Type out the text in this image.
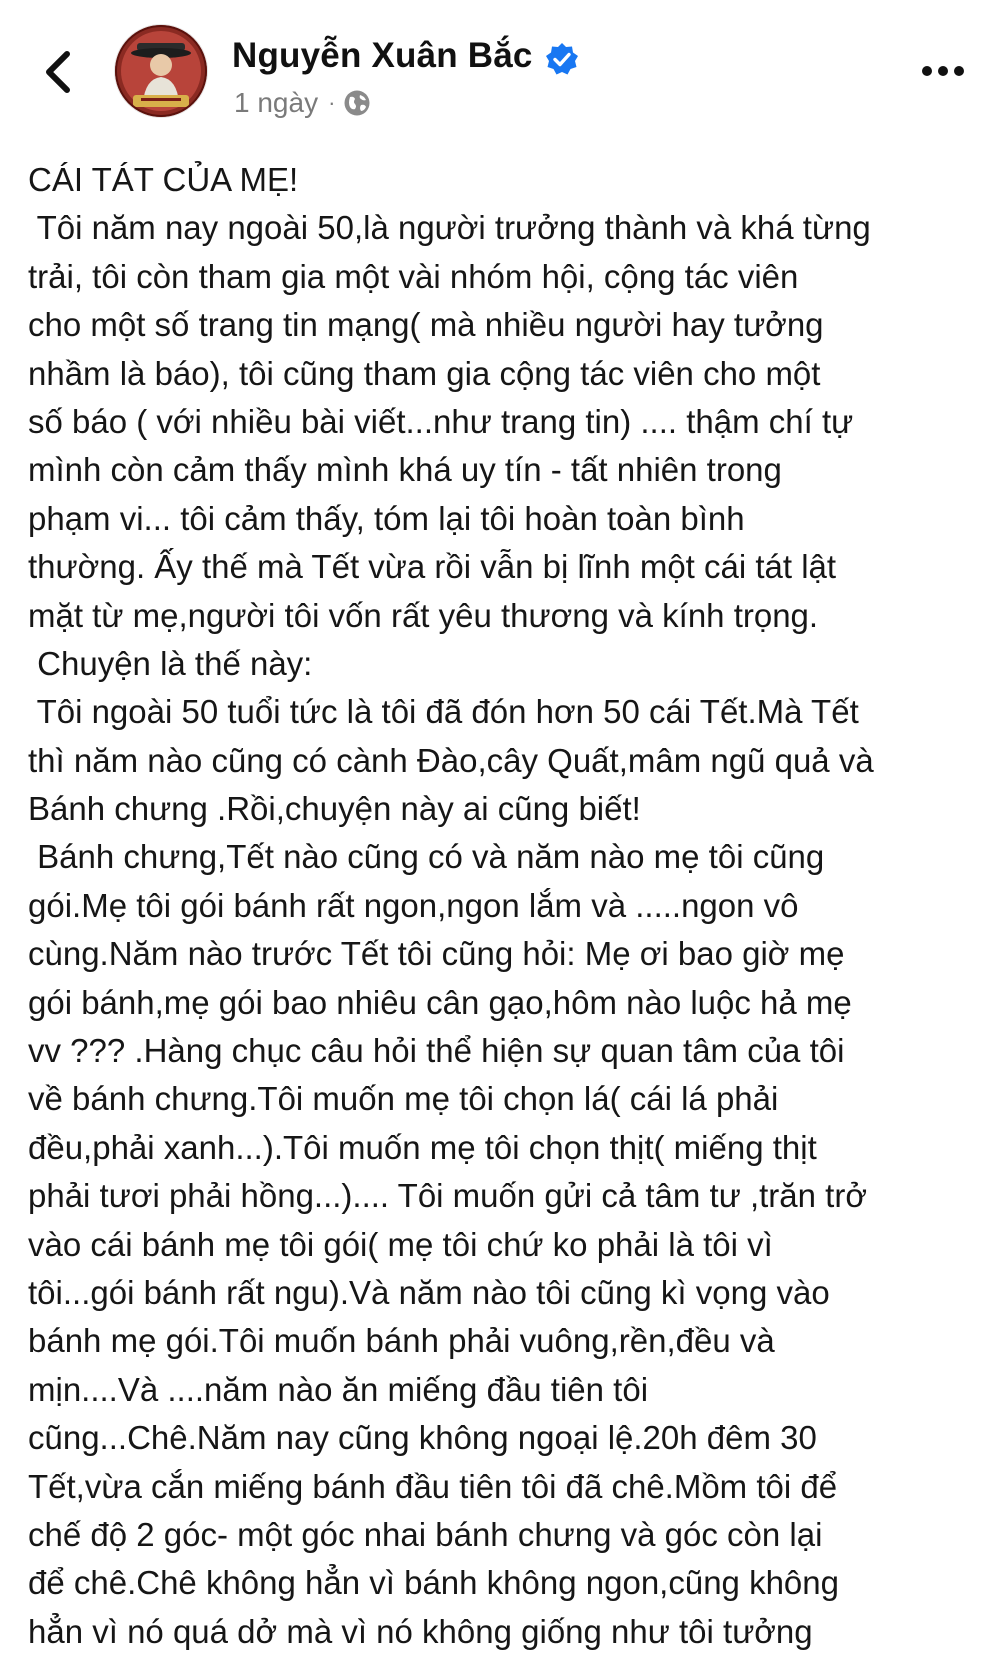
Nguyễn Xuân Bắc
1 ngày ·
CÁI TÁT CỦA MẸ!
Tôi năm nay ngoài 50,là người trưởng thành và khá từng
trải, tôi còn tham gia một vài nhóm hội, cộng tác viên
cho một số trang tin mạng( mà nhiều người hay tưởng
nhầm là báo), tôi cũng tham gia cộng tác viên cho một
số báo ( với nhiều bài viết...như trang tin) .... thậm chí tự
mình còn cảm thấy mình khá uy tín - tất nhiên trong
phạm vi... tôi cảm thấy, tóm lại tôi hoàn toàn bình
thường. Ấy thế mà Tết vừa rồi vẫn bị lĩnh một cái tát lật
mặt từ mẹ,người tôi vốn rất yêu thương và kính trọng.
Chuyện là thế này:
Tôi ngoài 50 tuổi tức là tôi đã đón hơn 50 cái Tết.Mà Tết
thì năm nào cũng có cành Đào,cây Quất,mâm ngũ quả và
Bánh chưng .Rồi,chuyện này ai cũng biết!
Bánh chưng,Tết nào cũng có và năm nào mẹ tôi cũng
gói.Mẹ tôi gói bánh rất ngon,ngon lắm và .....ngon vô
cùng.Năm nào trước Tết tôi cũng hỏi: Mẹ ơi bao giờ mẹ
gói bánh,mẹ gói bao nhiêu cân gạo,hôm nào luộc hả mẹ
vv ??? .Hàng chục câu hỏi thể hiện sự quan tâm của tôi
về bánh chưng.Tôi muốn mẹ tôi chọn lá( cái lá phải
đều,phải xanh...).Tôi muốn mẹ tôi chọn thịt( miếng thịt
phải tươi phải hồng...).... Tôi muốn gửi cả tâm tư ,trăn trở
vào cái bánh mẹ tôi gói( mẹ tôi chứ ko phải là tôi vì
tôi...gói bánh rất ngu).Và năm nào tôi cũng kì vọng vào
bánh mẹ gói.Tôi muốn bánh phải vuông,rền,đều và
mịn....Và ....năm nào ăn miếng đầu tiên tôi
cũng...Chê.Năm nay cũng không ngoại lệ.20h đêm 30
Tết,vừa cắn miếng bánh đầu tiên tôi đã chê.Mồm tôi để
chế độ 2 góc- một góc nhai bánh chưng và góc còn lại
để chê.Chê không hẳn vì bánh không ngon,cũng không
hẳn vì nó quá dở mà vì nó không giống như tôi tưởng
